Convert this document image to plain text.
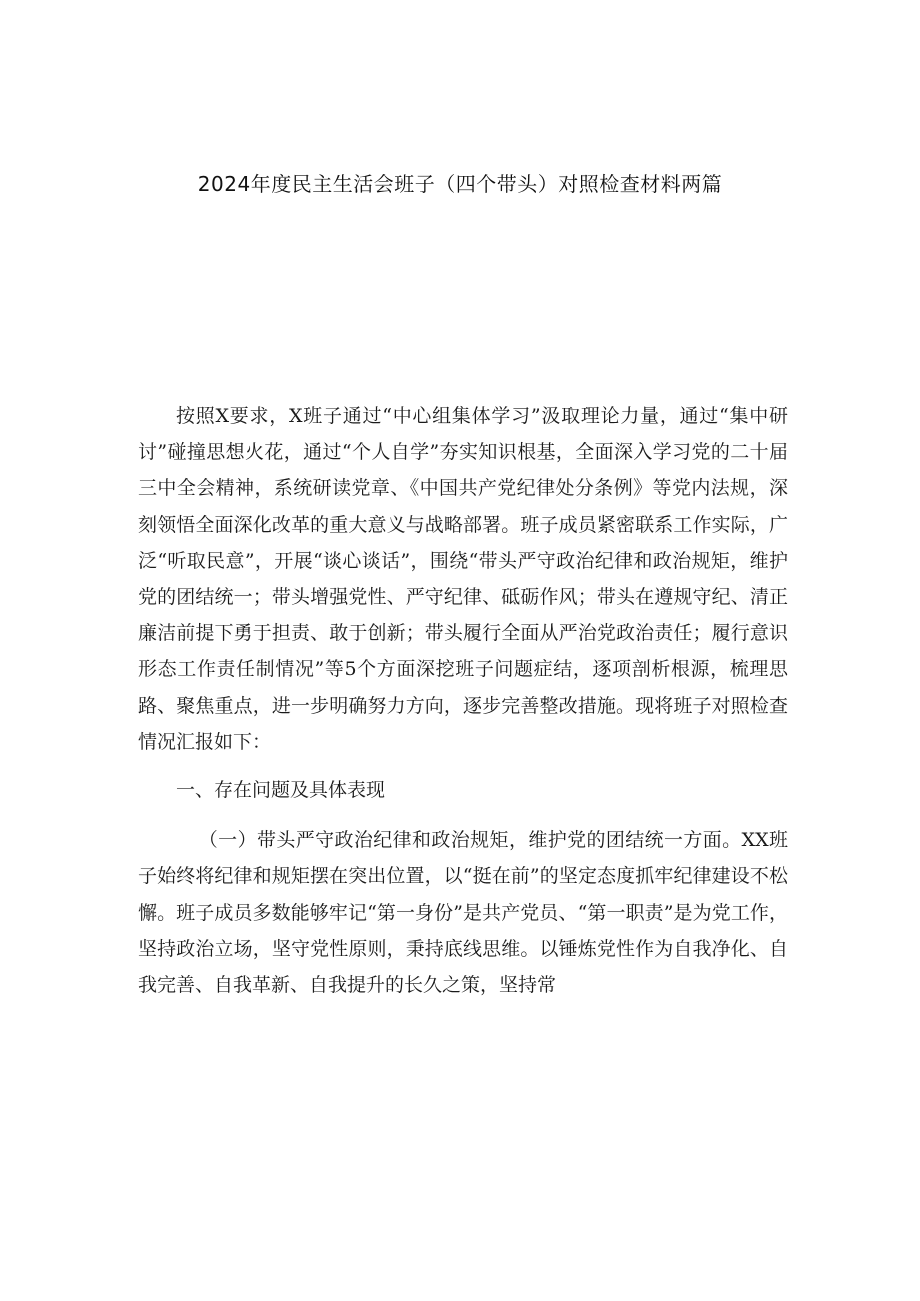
2024年度民主生活会班子（四个带头）对照检查材料两篇

按照X要求，X班子通过“中心组集体学习”汲取理论力量，通过“集中研讨”碰撞思想火花，通过“个人自学”夯实知识根基，全面深入学习党的二十届三中全会精神，系统研读党章、《中国共产党纪律处分条例》等党内法规，深刻领悟全面深化改革的重大意义与战略部署。班子成员紧密联系工作实际，广泛“听取民意”，开展“谈心谈话”，围绕“带头严守政治纪律和政治规矩，维护党的团结统一；带头增强党性、严守纪律、砥砺作风；带头在遵规守纪、清正廉洁前提下勇于担责、敢于创新；带头履行全面从严治党政治责任；履行意识形态工作责任制情况”等5个方面深挖班子问题症结，逐项剖析根源，梳理思路、聚焦重点，进一步明确努力方向，逐步完善整改措施。现将班子对照检查情况汇报如下：

一、存在问题及具体表现

（一）带头严守政治纪律和政治规矩，维护党的团结统一方面。XX班子始终将纪律和规矩摆在突出位置，以“挺在前”的坚定态度抓牢纪律建设不松懈。班子成员多数能够牢记“第一身份”是共产党员、“第一职责”是为党工作，坚持政治立场，坚守党性原则，秉持底线思维。以锤炼党性作为自我净化、自我完善、自我革新、自我提升的长久之策，坚持常
